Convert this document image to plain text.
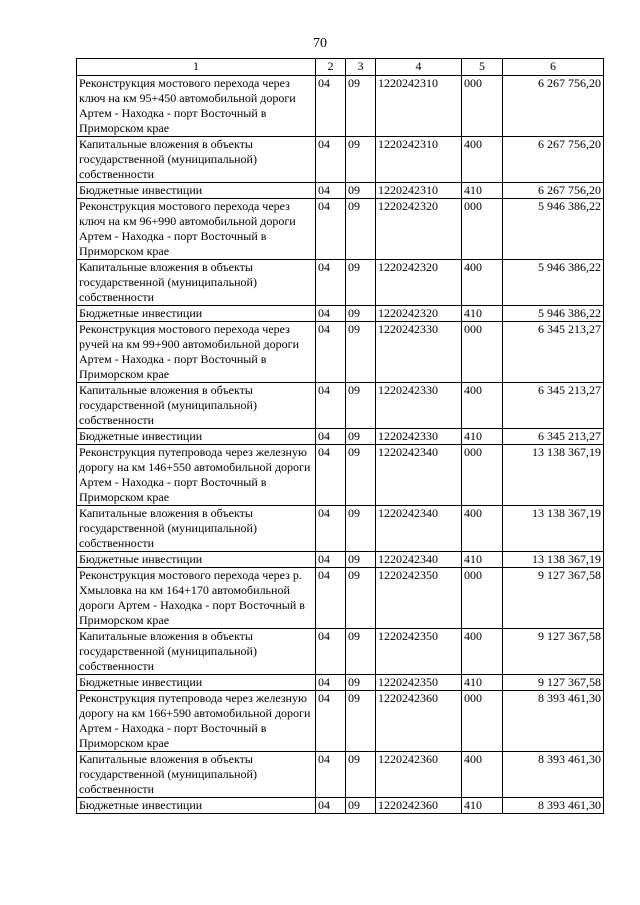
70
1	2	3	4	5	6
Реконструкция мостового перехода через ключ на км 95+450 автомобильной дороги Артем - Находка - порт Восточный в Приморском крае	04	09	1220242310	000	6 267 756,20
Капитальные вложения в объекты государственной (муниципальной) собственности	04	09	1220242310	400	6 267 756,20
Бюджетные инвестиции	04	09	1220242310	410	6 267 756,20
Реконструкция мостового перехода через ключ на км 96+990 автомобильной дороги Артем - Находка - порт Восточный в Приморском крае	04	09	1220242320	000	5 946 386,22
Капитальные вложения в объекты государственной (муниципальной) собственности	04	09	1220242320	400	5 946 386,22
Бюджетные инвестиции	04	09	1220242320	410	5 946 386,22
Реконструкция мостового перехода через ручей на км 99+900 автомобильной дороги Артем - Находка - порт Восточный в Приморском крае	04	09	1220242330	000	6 345 213,27
Капитальные вложения в объекты государственной (муниципальной) собственности	04	09	1220242330	400	6 345 213,27
Бюджетные инвестиции	04	09	1220242330	410	6 345 213,27
Реконструкция путепровода через железную дорогу на км 146+550 автомобильной дороги Артем - Находка - порт Восточный в Приморском крае	04	09	1220242340	000	13 138 367,19
Капитальные вложения в объекты государственной (муниципальной) собственности	04	09	1220242340	400	13 138 367,19
Бюджетные инвестиции	04	09	1220242340	410	13 138 367,19
Реконструкция мостового перехода через р. Хмыловка на км 164+170 автомобильной дороги Артем - Находка - порт Восточный в Приморском крае	04	09	1220242350	000	9 127 367,58
Капитальные вложения в объекты государственной (муниципальной) собственности	04	09	1220242350	400	9 127 367,58
Бюджетные инвестиции	04	09	1220242350	410	9 127 367,58
Реконструкция путепровода через железную дорогу на км 166+590 автомобильной дороги Артем - Находка - порт Восточный в Приморском крае	04	09	1220242360	000	8 393 461,30
Капитальные вложения в объекты государственной (муниципальной) собственности	04	09	1220242360	400	8 393 461,30
Бюджетные инвестиции	04	09	1220242360	410	8 393 461,30
